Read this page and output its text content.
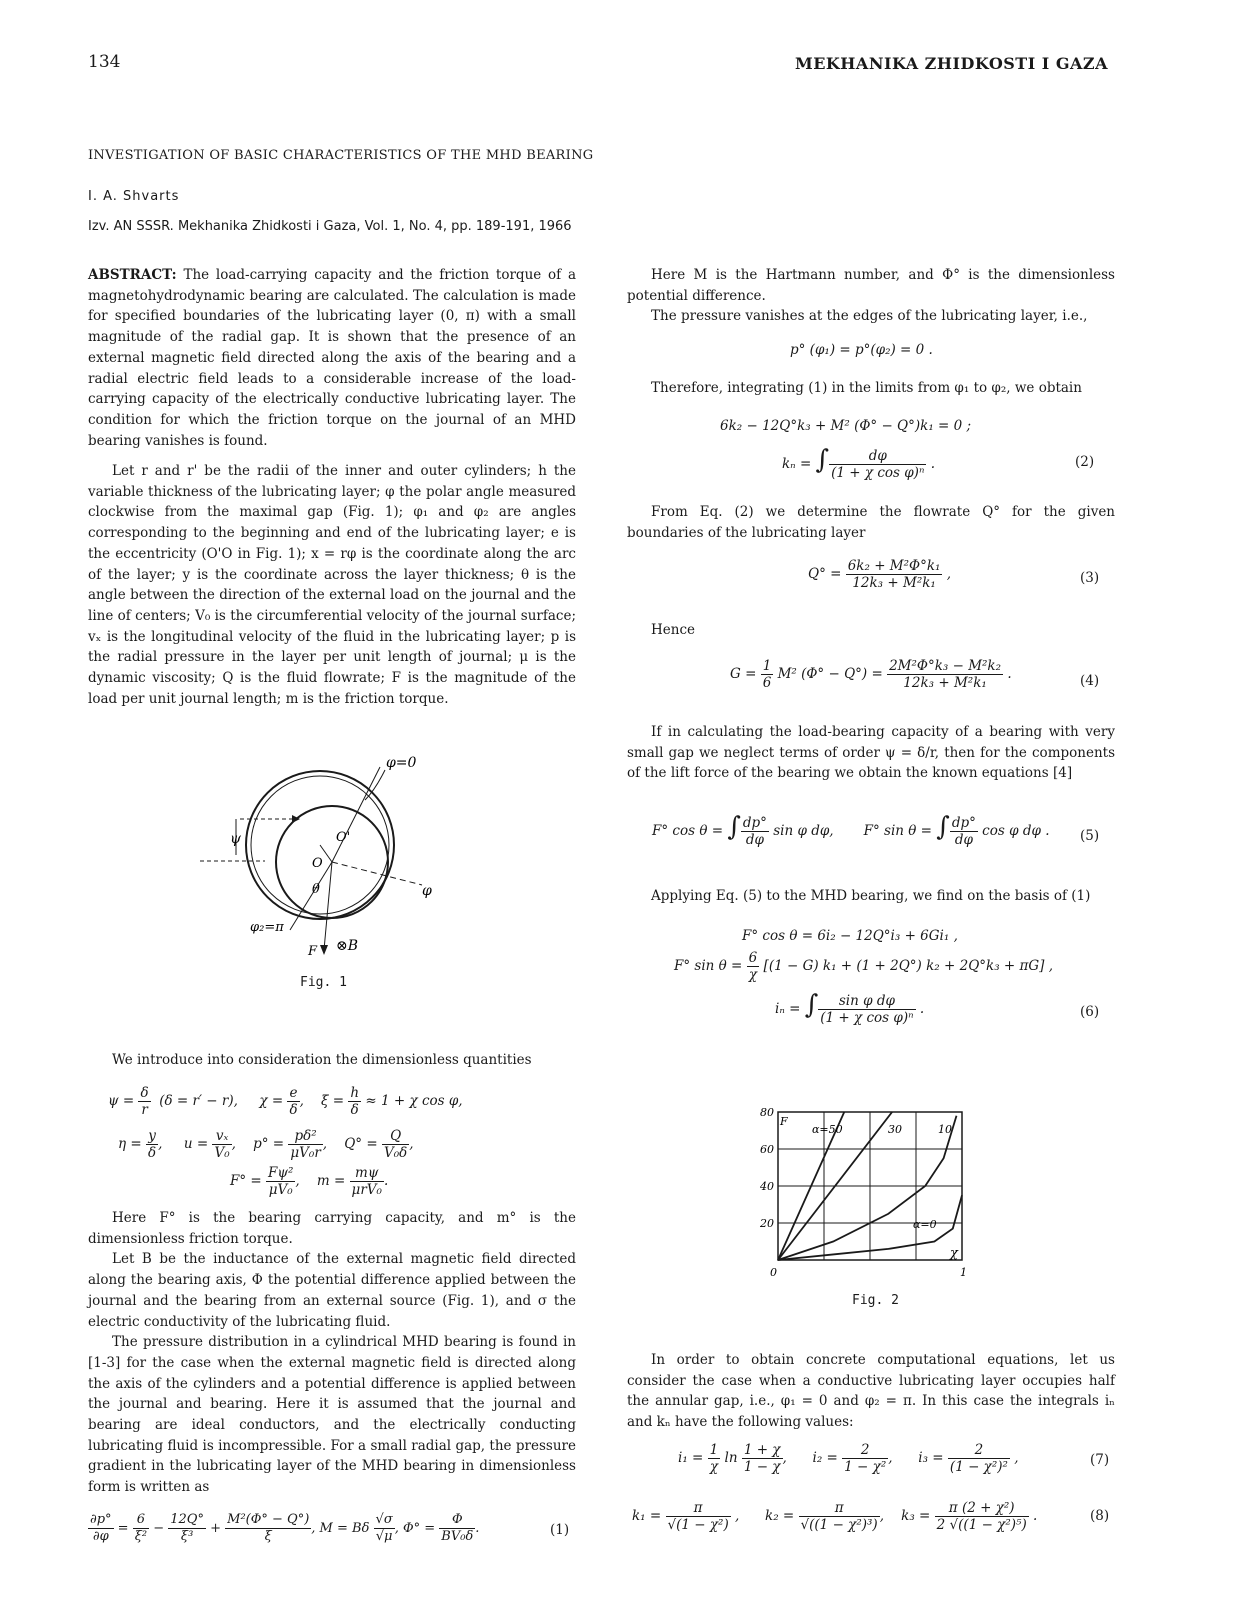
134	MEKHANIKA ZHIDKOSTI I GAZA
INVESTIGATION OF BASIC CHARACTERISTICS OF THE MHD BEARING
I. A. Shvarts
Izv. AN SSSR. Mekhanika Zhidkosti i Gaza, Vol. 1, No. 4, pp. 189-191, 1966

ABSTRACT: The load-carrying capacity and the friction torque of a magnetohydrodynamic bearing are calculated. The calculation is made for specified boundaries of the lubricating layer (0, π) with a small magnitude of the radial gap. It is shown that the presence of an external magnetic field directed along the axis of the bearing and a radial electric field leads to a considerable increase of the load-carrying capacity of the electrically conductive lubricating layer. The condition for which the friction torque on the journal of an MHD bearing vanishes is found.

Let r and r' be the radii of the inner and outer cylinders; h the variable thickness of the lubricating layer; φ the polar angle measured clockwise from the maximal gap (Fig. 1); φ₁ and φ₂ are angles corresponding to the beginning and end of the lubricating layer; e is the eccentricity (O'O in Fig. 1); x = rφ is the coordinate along the arc of the layer; y is the coordinate across the layer thickness; θ is the angle between the direction of the external load on the journal and the line of centers; V₀ is the circumferential velocity of the journal surface; vₓ is the longitudinal velocity of the fluid in the lubricating layer; p is the radial pressure in the layer per unit length of journal; μ is the dynamic viscosity; Q is the fluid flowrate; F is the magnitude of the load per unit journal length; m is the friction torque.

φ=0
ψ	O'
O
θ	φ
φ₂=π
F ⊗B
Fig. 1

We introduce into consideration the dimensionless quantities

$\psi = \frac{\delta}{r} (\delta = r' - r)$,     $\chi = \frac{e}{\delta}$ ,    $\xi = \frac{h}{\delta} \approx 1 + \chi$ cos φ,
$\eta = \frac{y}{\delta}$ ,     $u = \frac{\text{vₓ}}{\text{V₀}}$ ,    $p^\circ = \frac{\text{pδ²}}{\text{μV₀r}}$ ,    $Q^\circ = \frac{Q}{\text{V₀δ}}$ ,
$F^\circ = \frac{\text{Fψ²}}{\text{μV₀}}$ ,    $m = \frac{m\psi}{\text{μrV₀}}$ .

Here F° is the bearing carrying capacity, and m° is the dimensionless friction torque.

Let B be the inductance of the external magnetic field directed along the bearing axis, Φ the potential difference applied between the journal and the bearing from an external source (Fig. 1), and σ the electric conductivity of the lubricating fluid.

The pressure distribution in a cylindrical MHD bearing is found in [1-3] for the case when the external magnetic field is directed along the axis of the cylinders and a potential difference is applied between the journal and bearing. Here it is assumed that the journal and bearing are ideal conductors, and the electrically conducting lubricating fluid is incompressible. For a small radial gap, the pressure gradient in the lubricating layer of the MHD bearing in dimensionless form is written as

$\frac{\partial p^\circ}{\partial\varphi} = \frac{6}{\text{ξ²}} - \frac{12Q^\circ}{\text{ξ³}} + \frac{\text{M²(Φ° − Q°)}}{\xi}$ , M = Bδ $\frac{√\sigma}{√\mu}$ , $\Phi^\circ = \frac{\Phi}{\text{BV₀δ}}$ .	(1)

Here M is the Hartmann number, and Φ° is the dimensionless potential difference.

The pressure vanishes at the edges of the lubricating layer, i.e.,

p° (φ₁) = p°(φ₂) = 0 .

Therefore, integrating (1) in the limits from φ₁ to φ₂, we obtain

6k₂ − 12Q°k₃ + M² (Φ° − Q°)k₁ = 0 ;
kₙ = ∫ $\frac{d\varphi}{\text{(1 + χ cos φ)ⁿ}}$ .	(2)

From Eq. (2) we determine the flowrate Q° for the given boundaries of the lubricating layer

$Q^\circ = \frac{\text{6k₂ + M²Φ°k₁}}{\text{12k₃ + M²k₁}}$ ,	(3)

Hence

$G = \frac{1}{6} M^2$ $(\Phi^\circ - Q^\circ) = \frac{\text{2M²Φ°k₃ − M²k₂}}{\text{12k₃ + M²k₁}}$ .	(4)

If in calculating the load-bearing capacity of a bearing with very small gap we neglect terms of order ψ = δ/r, then for the components of the lift force of the bearing we obtain the known equations [4]

F° cos θ = ∫ $\frac{dp^\circ}{d\varphi}$ sin φ dφ,       F° sin θ = ∫ $\frac{dp^\circ}{d\varphi}$ cos φ dφ . (5)

Applying Eq. (5) to the MHD bearing, we find on the basis of (1)

F° cos θ = 6i₂ − 12Q°i₃ + 6Gi₁ ,
F° $\sin \theta = \frac{6}{\chi} [(1 - G) k_1 + (1 + 2Q^\circ) k_2 + 2Q^\circ k_3 + \pi G]$ ,
iₙ = ∫ $\frac{\text{sin φ dφ}}{\text{(1 + χ cos φ)ⁿ}}$ .	(6)
20
40
60
80
0	1
F
χ
α=50	30	10
α=0
Fig. 2

In order to obtain concrete computational equations, let us consider the case when a conductive lubricating layer occupies half the annular gap, i.e., φ₁ = 0 and φ₂ = π. In this case the integrals iₙ and kₙ have the following values:

$i_1 = \frac{1}{\chi}$ $\ln \frac{1 + \chi}{1 - \chi}$ ,      $i_2 = \frac{2}{\text{1 − χ²}}$ ,      $i_3 = \frac{2}{\text{(1 − χ²)²}}$ ,	(7)
$k_1 = \frac{\pi}{\text{√(1 − χ²)}}$ ,      $k_2 = \frac{\pi}{\text{√((1 − χ²)³)}}$ ,    $k_3 = \frac{\text{π (2 + χ²)}}{\text{2 √((1 − χ²)⁵)}}$ .	(8)
